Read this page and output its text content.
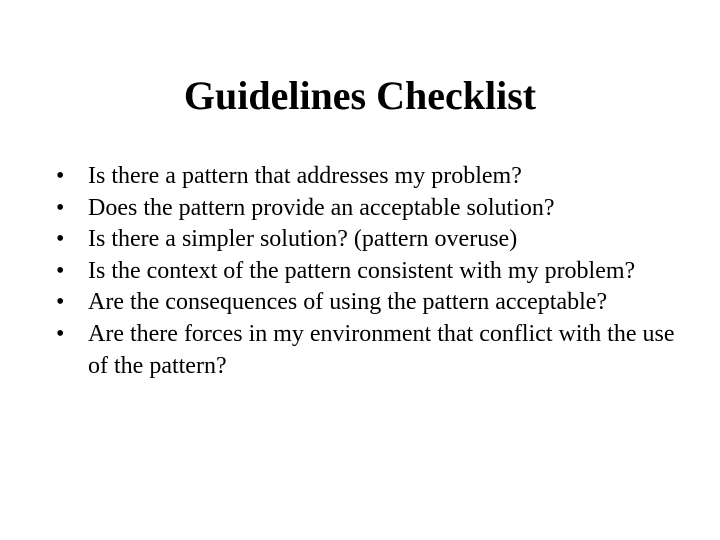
Guidelines Checklist
• Is there a pattern that addresses my problem?
• Does the pattern provide an acceptable solution?
• Is there a simpler solution? (pattern overuse)
• Is the context of the pattern consistent with my problem?
• Are the consequences of using the pattern acceptable?
• Are there forces in my environment that conflict with the use of the pattern?
